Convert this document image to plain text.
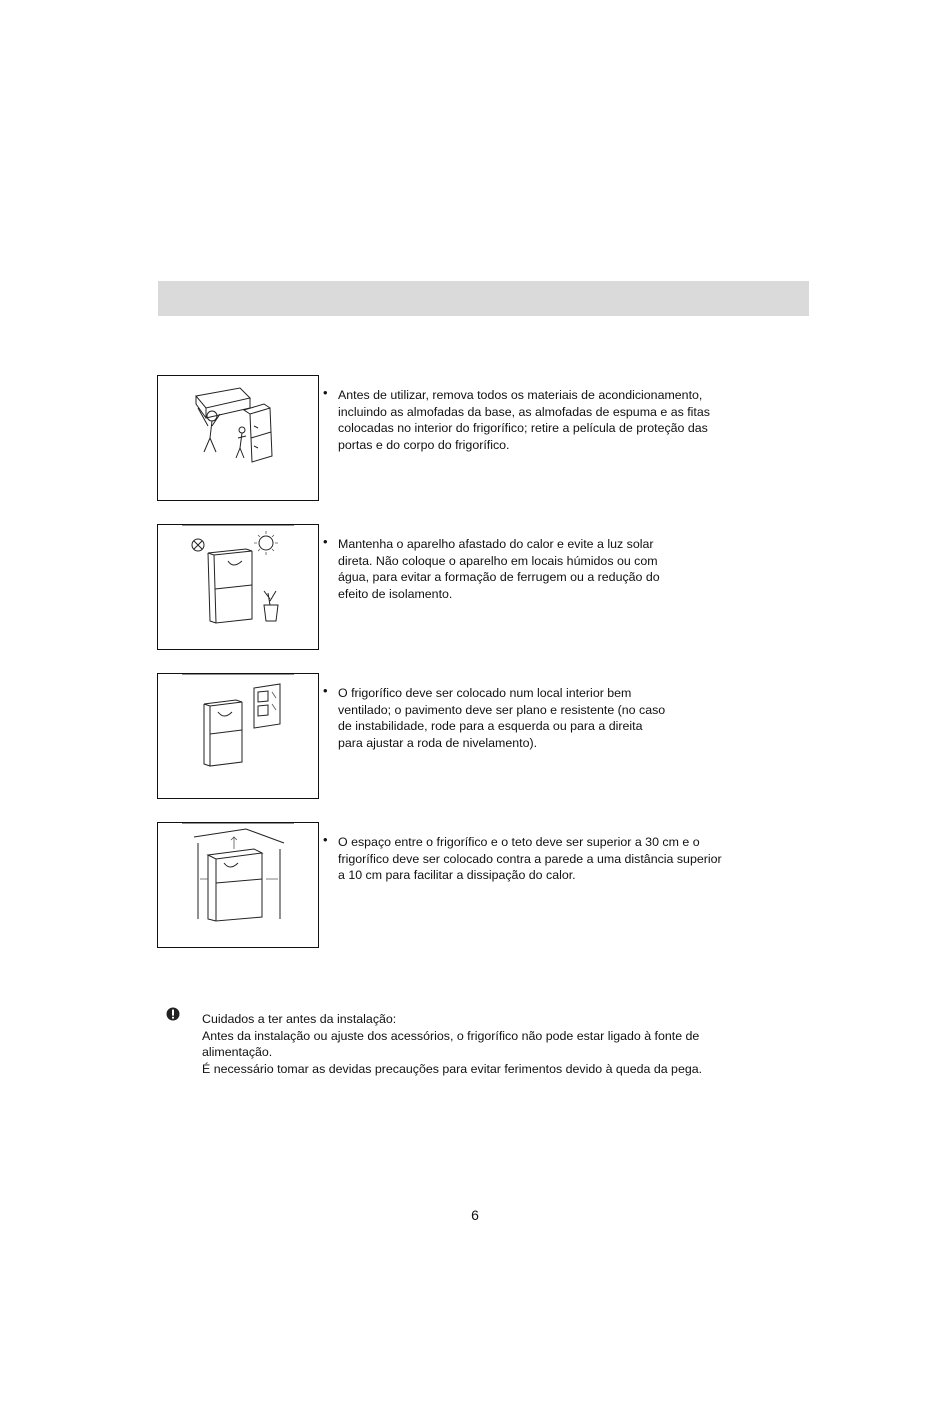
• Antes de utilizar, remova todos os materiais de acondicionamento,
incluindo as almofadas da base, as almofadas de espuma e as fitas
colocadas no interior do frigorífico; retire a película de proteção das
portas e do corpo do frigorífico.

• Mantenha o aparelho afastado do calor e evite a luz solar
direta. Não coloque o aparelho em locais húmidos ou com
água, para evitar a formação de ferrugem ou a redução do
efeito de isolamento.

• O frigorífico deve ser colocado num local interior bem
ventilado; o pavimento deve ser plano e resistente (no caso
de instabilidade, rode para a esquerda ou para a direita
para ajustar a roda de nivelamento).

• O espaço entre o frigorífico e o teto deve ser superior a 30 cm e o
frigorífico deve ser colocado contra a parede a uma distância superior
a 10 cm para facilitar a dissipação do calor.

Cuidados a ter antes da instalação:
Antes da instalação ou ajuste dos acessórios, o frigorífico não pode estar ligado à fonte de
alimentação.
É necessário tomar as devidas precauções para evitar ferimentos devido à queda da pega.
6
